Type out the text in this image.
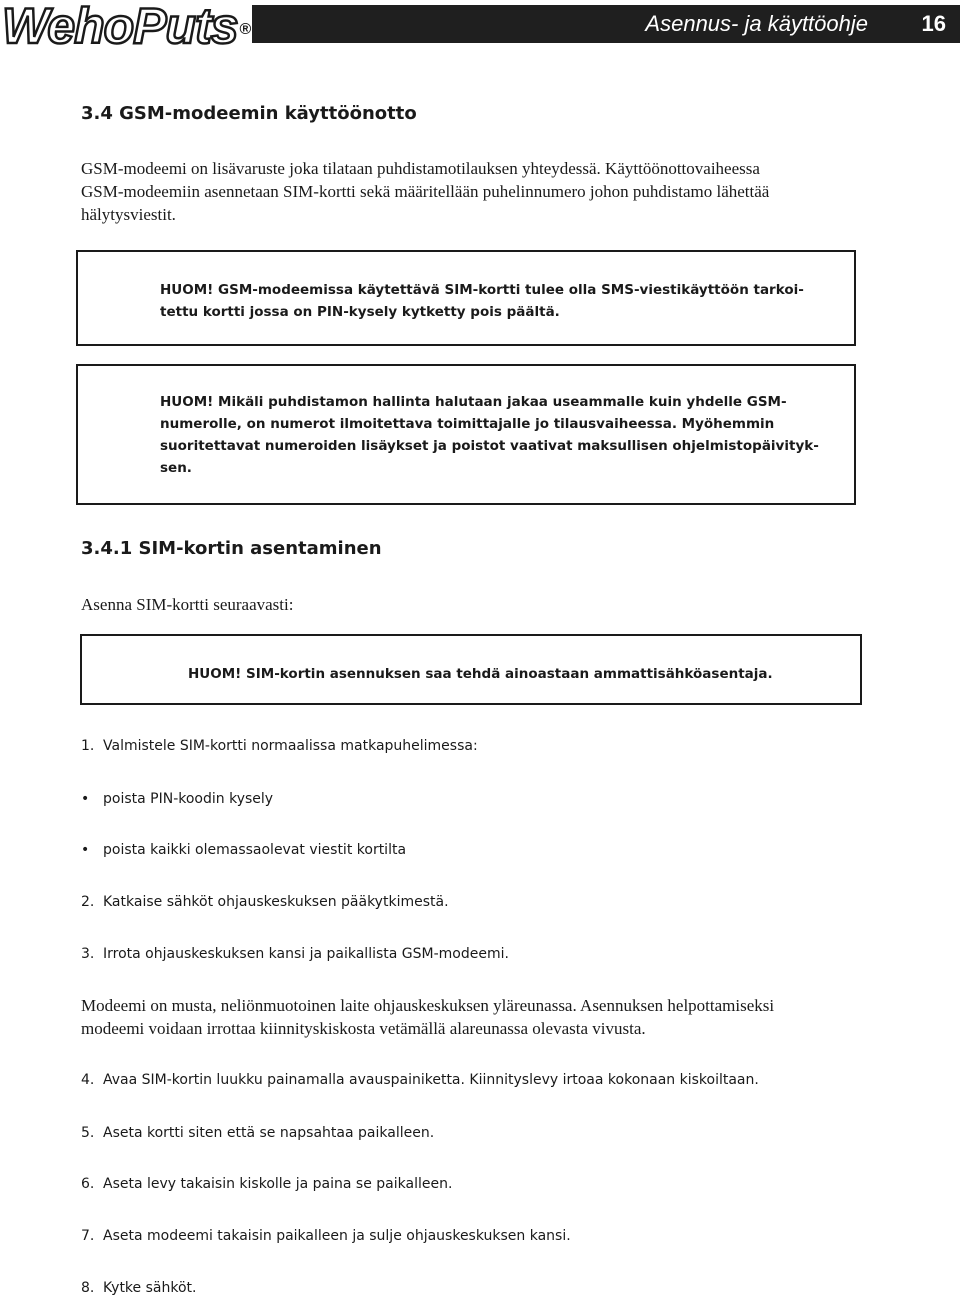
WehoPuts ®	Asennus- ja käyttöohje 16
3.4 GSM-modeemin käyttöönotto
GSM-modeemi on lisävaruste joka tilataan puhdistamotilauksen yhteydessä. Käyttöönottovaiheessa
GSM-modeemiin asennetaan SIM-kortti sekä määritellään puhelinnumero johon puhdistamo lähettää
hälytysviestit.
HUOM! GSM-modeemissa käytettävä SIM-kortti tulee olla SMS-viestikäyttöön tarkoi-
tettu kortti jossa on PIN-kysely kytketty pois päältä.
HUOM! Mikäli puhdistamon hallinta halutaan jakaa useammalle kuin yhdelle GSM-
numerolle, on numerot ilmoitettava toimittajalle jo tilausvaiheessa. Myöhemmin
suoritettavat numeroiden lisäykset ja poistot vaativat maksullisen ohjelmistopäivityk-
sen.
3.4.1 SIM-kortin asentaminen
Asenna SIM-kortti seuraavasti:
HUOM! SIM-kortin asennuksen saa tehdä ainoastaan ammattisähköasentaja.
1. Valmistele SIM-kortti normaalissa matkapuhelimessa:
• poista PIN-koodin kysely
• poista kaikki olemassaolevat viestit kortilta
2. Katkaise sähköt ohjauskeskuksen pääkytkimestä.
3. Irrota ohjauskeskuksen kansi ja paikallista GSM-modeemi.
Modeemi on musta, neliönmuotoinen laite ohjauskeskuksen yläreunassa. Asennuksen helpottamiseksi
modeemi voidaan irrottaa kiinnityskiskosta vetämällä alareunassa olevasta vivusta.
4. Avaa SIM-kortin luukku painamalla avauspainiketta. Kiinnityslevy irtoaa kokonaan kiskoiltaan.
5. Aseta kortti siten että se napsahtaa paikalleen.
6. Aseta levy takaisin kiskolle ja paina se paikalleen.
7. Aseta modeemi takaisin paikalleen ja sulje ohjauskeskuksen kansi.
8. Kytke sähköt.
